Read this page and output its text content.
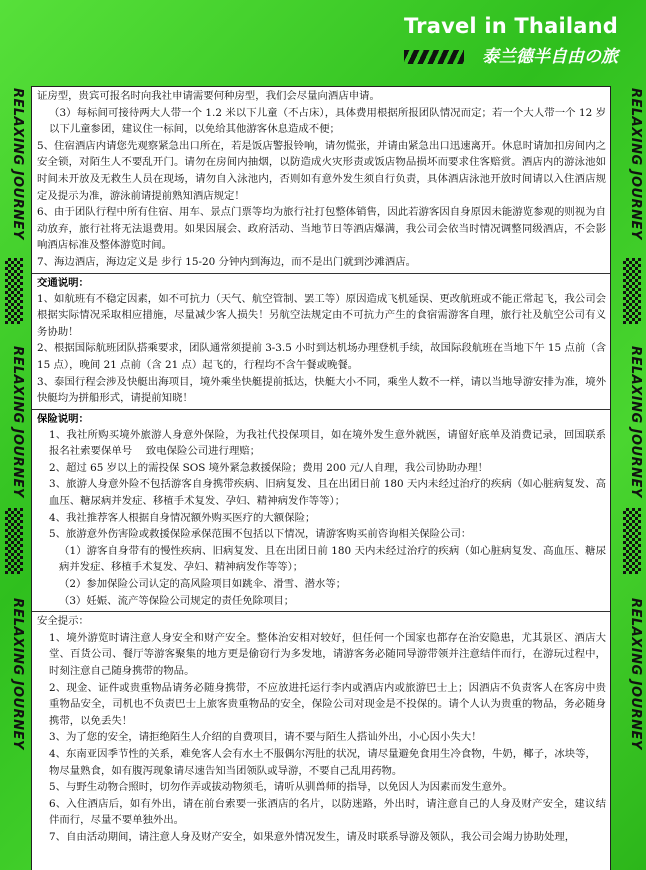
Travel in Thailand
泰兰德半自由の旅
RELAXING JOURNEY
RELAXING JOURNEY
RELAXING JOURNEY
RELAXING JOURNEY
RELAXING JOURNEY
RELAXING JOURNEY

证房型，贵宾可报名时向我社申请需要何种房型，我们会尽量向酒店申请。

（3）每标间可接待两大人带一个 1.2 米以下儿童（不占床），具体费用根据所报团队情况而定；若一个大人带一个 12 岁以下儿童参团，建议住一标间，以免给其他游客休息造成不便；

5、住宿酒店内请您先观察紧急出口所在，若是饭店警报铃响，请勿慌张，并请由紧急出口迅速离开。休息时请加扣房间内之安全锁，对陌生人不要乱开门。请勿在房间内抽烟，以防造成火灾形责或饭店物品损坏而要求住客赔赏。酒店内的游泳池如时间未开放及无救生人员在现场，请勿自入泳池内，否则如有意外发生须自行负责，具体酒店泳池开放时间请以入住酒店规定及提示为准，游泳前请提前熟知酒店规定！

6、由于团队行程中所有住宿、用车、景点门票等均为旅行社打包整体销售，因此若游客因自身原因未能游览参观的则视为自动放弃，旅行社将无法退费用。如果因展会、政府活动、当地节日等酒店爆满，我公司会依当时情况调整同级酒店，不会影响酒店标准及整体游览时间。

7、海边酒店，海边定义是 步行 15-20 分钟内到海边，而不是出门就到沙滩酒店。

交通说明：

1、如航班有不稳定因素，如不可抗力（天气、航空管制、罢工等）原因造成飞机延误、更改航班或不能正常起飞，我公司会根据实际情况采取相应措施，尽量减少客人损失！另航空法规定由不可抗力产生的食宿需游客自理，旅行社及航空公司有义务协助！

2、根据国际航班团队搭乘要求，团队通常须提前 3-3.5 小时到达机场办理登机手续，故国际段航班在当地下午 15 点前（含 15 点），晚间 21 点前（含 21 点）起飞的，行程均不含午餐或晚餐。

3、泰国行程会涉及快艇出海项目，境外乘坐快艇提前抵达，快艇大小不同，乘坐人数不一样，请以当地导游安排为准，境外快艇均为拼船形式，请提前知晓！

保险说明：

1、我社所购买境外旅游人身意外保险，为我社代投保项目，如在境外发生意外就医，请留好底单及消费记录，回国联系报名社索要保单号　 致电保险公司进行理赔；

2、超过 65 岁以上的需投保 SOS 境外紧急救援保险；费用 200 元/人自理，我公司协助办理！

3、旅游人身意外险不包括游客自身携带疾病、旧病复发、且在出团日前 180 天内未经过治疗的疾病（如心脏病复发、高血压、糖尿病并发症、移植手术复发、孕妇、精神病发作等等）；

4、我社推荐客人根据自身情况额外购买医疗的大额保险；

5、旅游意外伤害险或救援保险承保范围不包括以下情况，请游客购买前咨询相关保险公司：

（1）游客自身带有的慢性疾病、旧病复发、且在出团日前 180 天内未经过治疗的疾病（如心脏病复发、高血压、糖尿病并发症、移植手术复发、孕妇、精神病发作等等）；

（2）参加保险公司认定的高风险项目如跳伞、滑雪、潜水等；

（3）妊娠、流产等保险公司规定的责任免除项目；

安全提示：

1、境外游览时请注意人身安全和财产安全。整体治安相对较好，但任何一个国家也都存在治安隐患，尤其景区、酒店大堂、百货公司、餐厅等游客聚集的地方更是偷窃行为多发地，请游客务必随同导游带领并注意结伴而行，在游玩过程中，时刻注意自己随身携带的物品。

2、现金、证件或贵重物品请务必随身携带，不应放进托运行李内或酒店内或旅游巴士上；因酒店不负责客人在客房中贵重物品安全，司机也不负责巴士上旅客贵重物品的安全，保险公司对现金是不投保的。请个人认为贵重的物品，务必随身携带，以免丢失！

3、为了您的安全，请拒绝陌生人介绍的自费项目，请不要与陌生人搭讪外出，小心因小失大！

4、东南亚因季节性的关系，难免客人会有水土不服偶尔泻肚的状况，请尽量避免食用生冷食物，牛奶，椰子，冰块等，

物尽量熟食，如有腹泻现象请尽速告知当团领队或导游，不要自己乱用药物。

5、与野生动物合照时，切勿作弄或拔动物须毛，请听从驯兽师的指导，以免因人为因素而发生意外。

6、入住酒店后，如有外出，请在前台索要一张酒店的名片，以防迷路，外出时，请注意自己的人身及财产安全，建议结伴而行，尽量不要单独外出。

7、自由活动期间，请注意人身及财产安全，如果意外情况发生，请及时联系导游及领队，我公司会竭力协助处理，
